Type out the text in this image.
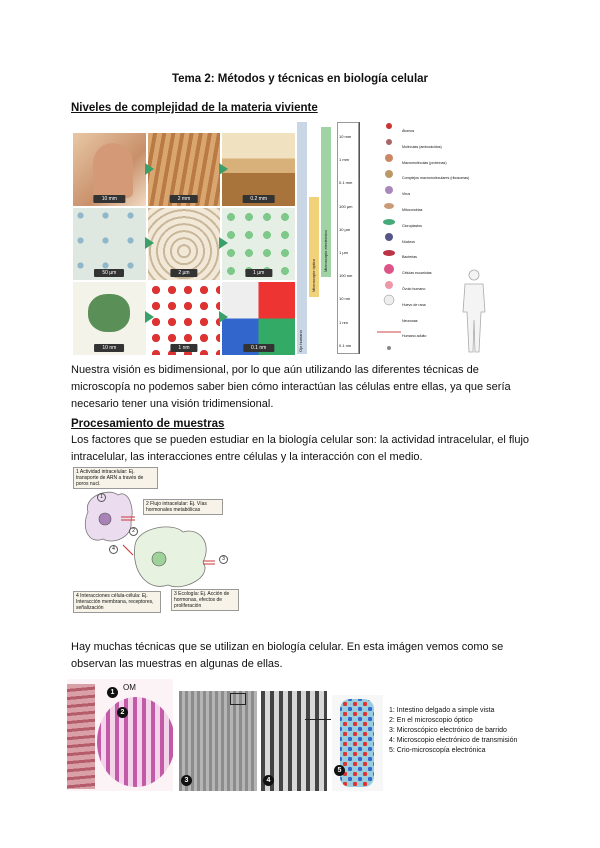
Tema 2: Métodos y técnicas en biología celular
Niveles de complejidad de la materia viviente
10 mm	2 mm	0.2 mm
50 µm	2 µm	1 µm
10 nm	1 nm	0.1 nm
Microscopio electrónico
Microscopio óptico
Ojo humano
10 mm
1 mm
0.1 mm
100 µm
10 µm
1 µm
100 nm
10 nm
1 nm
0.1 nm
Átomos
Moléculas (aminoácidos)
Macromoléculas (proteínas)
Complejos macromoleculares (ribosomas)
Virus
Mitocondrias
Cloroplastos
Núcleos
Bacterias
Células eucariotas
Óvulo humano
Huevo de rana
Neuronas
Humano adulto
Nuestra visión es bidimensional, por lo que aún utilizando las diferentes técnicas de microscopía no podemos saber bien cómo interactúan las células entre ellas, ya que sería necesario tener una visión tridimensional.
Procesamiento de muestras
Los factores que se pueden estudiar en la biología celular son: la actividad intracelular, el flujo intracelular, las interacciones entre células y la interacción con el medio.
1 Actividad intracelular: Ej. transporte de ARN a través de poros nucl.
2 Flujo intracelular: Ej. Vías hormonales metabólicas
3 Ecología: Ej. Acción de hormonas, efectos de proliferación
4 Interacciones célula-célula: Ej. Interacción membrana, receptores, señalización
1
2
3
4
Hay muchas técnicas que se utilizan en biología celular. En esta imágen vemos como se observan las muestras en algunas de ellas.
OM
1
2
3	4
5
1: Intestino delgado a simple vista
2: En el microscopio óptico
3: Microscópico electrónico de barrido
4: Microscopio electrónico de transmisión
5: Crio-microscopía electrónica
